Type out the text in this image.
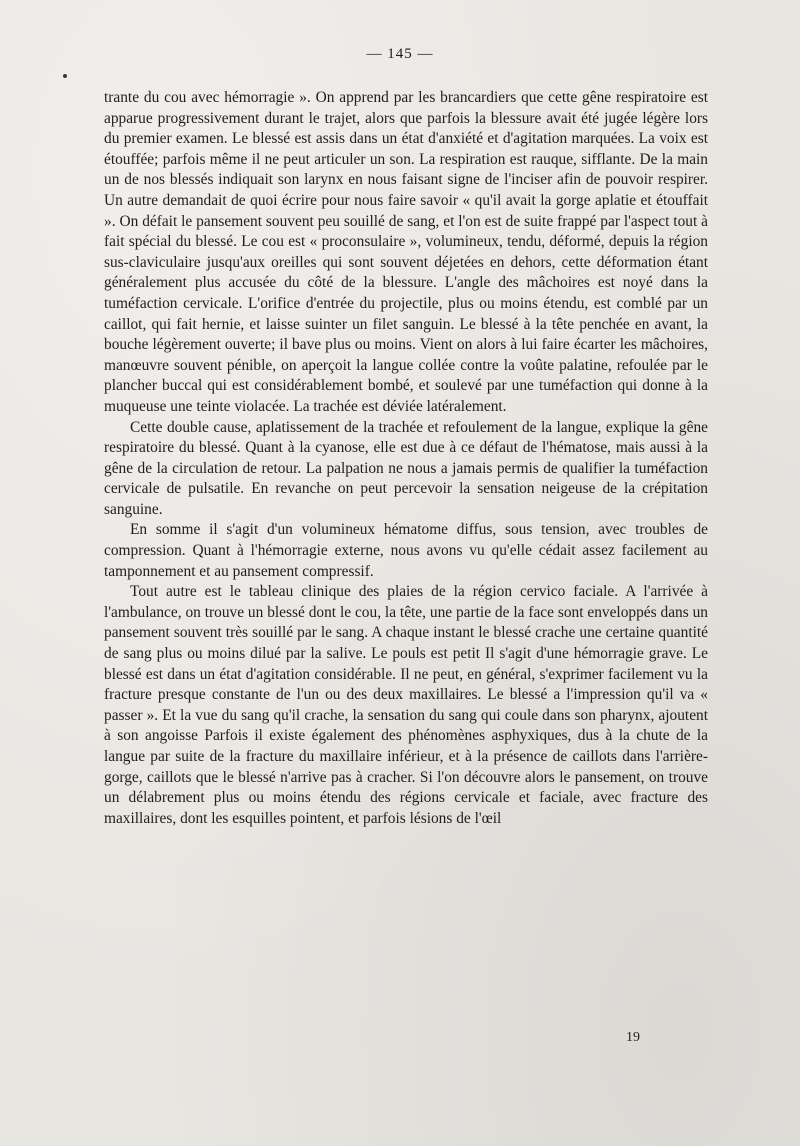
— 145 —

trante du cou avec hémorragie ». On apprend par les brancardiers que cette gêne respiratoire est apparue progressivement durant le trajet, alors que parfois la blessure avait été jugée légère lors du premier examen. Le blessé est assis dans un état d'anxiété et d'agitation marquées. La voix est étouffée; parfois même il ne peut articuler un son. La respiration est rauque, sifflante. De la main un de nos blessés indiquait son larynx en nous faisant signe de l'inciser afin de pouvoir respirer. Un autre demandait de quoi écrire pour nous faire savoir « qu'il avait la gorge aplatie et étouffait ». On défait le pansement souvent peu souillé de sang, et l'on est de suite frappé par l'aspect tout à fait spécial du blessé. Le cou est « proconsulaire », volumineux, tendu, déformé, depuis la région sus-claviculaire jusqu'aux oreilles qui sont souvent déjetées en dehors, cette déformation étant généralement plus accusée du côté de la blessure. L'angle des mâchoires est noyé dans la tuméfaction cervicale. L'orifice d'entrée du projectile, plus ou moins étendu, est comblé par un caillot, qui fait hernie, et laisse suinter un filet sanguin. Le blessé à la tête penchée en avant, la bouche légèrement ouverte; il bave plus ou moins. Vient on alors à lui faire écarter les mâchoires, manœuvre souvent pénible, on aperçoit la langue collée contre la voûte palatine, refoulée par le plancher buccal qui est considérablement bombé, et soulevé par une tuméfaction qui donne à la muqueuse une teinte violacée. La trachée est déviée latéralement.

Cette double cause, aplatissement de la trachée et refoulement de la langue, explique la gêne respiratoire du blessé. Quant à la cyanose, elle est due à ce défaut de l'hématose, mais aussi à la gêne de la circulation de retour. La palpation ne nous a jamais permis de qualifier la tuméfaction cervicale de pulsatile. En revanche on peut percevoir la sensation neigeuse de la crépitation sanguine.

En somme il s'agit d'un volumineux hématome diffus, sous tension, avec troubles de compression. Quant à l'hémorragie externe, nous avons vu qu'elle cédait assez facilement au tamponnement et au pansement compressif.

Tout autre est le tableau clinique des plaies de la région cervico faciale. A l'arrivée à l'ambulance, on trouve un blessé dont le cou, la tête, une partie de la face sont enveloppés dans un pansement souvent très souillé par le sang. A chaque instant le blessé crache une certaine quantité de sang plus ou moins dilué par la salive. Le pouls est petit Il s'agit d'une hémorragie grave. Le blessé est dans un état d'agitation considérable. Il ne peut, en général, s'exprimer facilement vu la fracture presque constante de l'un ou des deux maxillaires. Le blessé a l'impression qu'il va « passer ». Et la vue du sang qu'il crache, la sensation du sang qui coule dans son pharynx, ajoutent à son angoisse Parfois il existe également des phénomènes asphyxiques, dus à la chute de la langue par suite de la fracture du maxillaire inférieur, et à la présence de caillots dans l'arrière-gorge, caillots que le blessé n'arrive pas à cracher. Si l'on découvre alors le pansement, on trouve un délabrement plus ou moins étendu des régions cervicale et faciale, avec fracture des maxillaires, dont les esquilles pointent, et parfois lésions de l'œil

19
